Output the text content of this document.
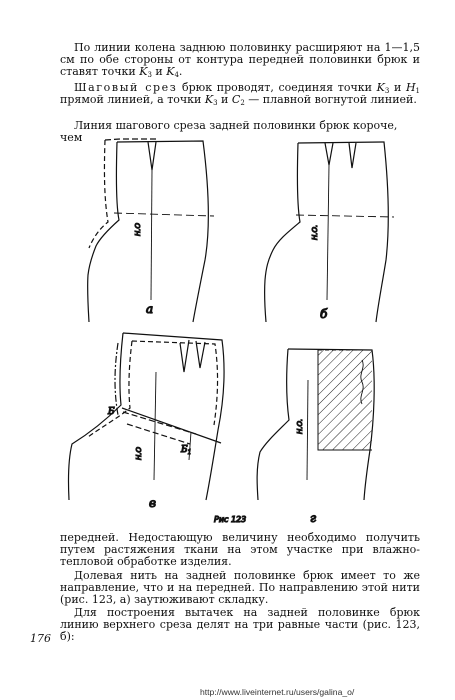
По линии колена заднюю половинку расширяют на 1—1,5 см по обе стороны от контура передней половинки брюк и ставят точки $K_3$ и $K_4$.

Шаговый срез брюк проводят, соединяя точки $K_3$ и $H_1$ прямой линией, а точки $K_3$ и $C_2$ — плавной вогнутой линией.

Линия шагового среза задней половинки брюк короче, чем
Н.О
а
Н.О.
б
Н.О
Б
$Б_1$
в
Н.О.
г
Рис 123

передней. Недостающую величину необходимо получить путем растяжения ткани на этом участке при влажно-тепловой обработке изделия.

Долевая нить на задней половинке брюк имеет то же направление, что и на передней. По направлению этой нити (рис. 123, а) заутюживают складку.

Для построения вытачек на задней половинке брюк линию верхнего среза делят на три равные части (рис. 123, б):

176
http://www.liveinternet.ru/users/galina_o/
